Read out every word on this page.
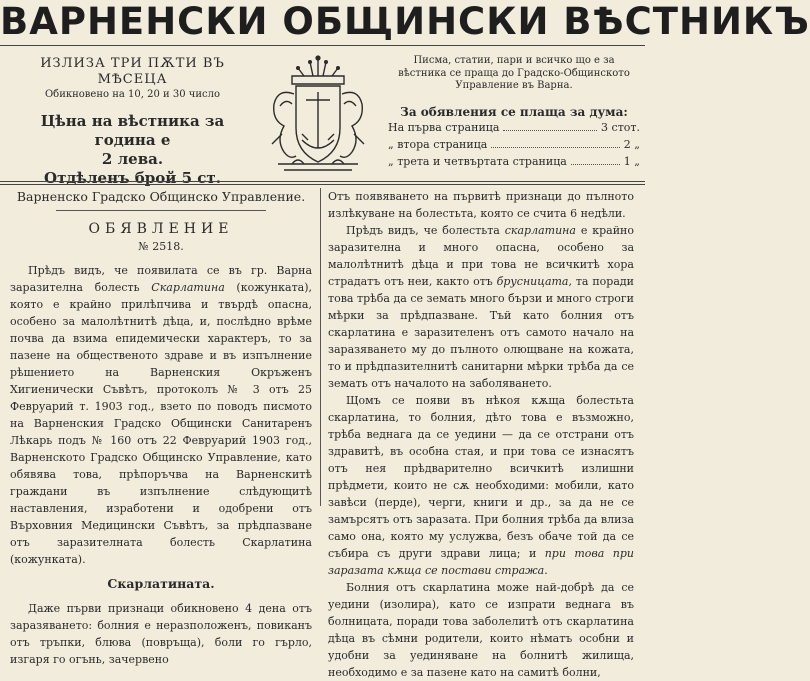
ВАРНЕНСКИ ОБЩИНСКИ ВѢСТНИКЪ
ИЗЛИЗА ТРИ ПѪТИ ВЪ МѢСЕЦА
Обикновено на 10, 20 и 30 число
Цѣна на вѣстника за година е
2 лева.
Отдѣленъ брой 5 ст.
Писма, статии, пари и всичко що е за вѣстника се праща до Градско-Общинското Управление въ Варна.
За обявления се плаща за дума:
На първа страница	3 стот.
„ втора страница	2 „
„ трета и четвъртата страница	1 „
Варненско Градско Общинско Управление.
ОБЯВЛЕНИЕ
№ 2518.

Прѣдъ видъ, че появилата се въ гр. Варна заразителна болесть Скарлатина (кожунката), която е крайно прилѣпчива и твърдѣ опасна, особено за малолѣтнитѣ дѣца, и, послѣдно врѣме почва да взима епидемически характеръ, то за пазене на общественото здраве и въ изпълнение рѣшението на Варненския Окръженъ Хигиенически Съвѣтъ, протоколъ № 3 отъ 25 Февруарий т. 1903 год., взето по поводъ писмото на Варненския Градско Общински Санитаренъ Лѣкарь подъ № 160 отъ 22 Февруарий 1903 год., Варненското Градско Общинско Управление, като обявява това, прѣпоръчва на Варненскитѣ граждани въ изпълнение слѣдующитѣ наставления, изработени и одобрени отъ Върховния Медицински Съвѣтъ, за прѣдпазване отъ заразителната болесть Скарлатина (кожунката).

Скарлатината.

Даже първи признаци обикновено 4 дена отъ заразяването: болния е неразположенъ, повиканъ отъ тръпки, блюва (повръща), боли го гърло, изгаря го огънь, зачервено

Отъ появяването на първитѣ признаци до пълното излѣкуване на болестьта, която се счита 6 недѣли.

Прѣдъ видъ, че болестьта скарлатина е крайно заразителна и много опасна, особено за малолѣтнитѣ дѣца и при това не всичкитѣ хора страдатъ отъ неи, както отъ брусницата, та поради това трѣба да се земать много бързи и много строги мѣрки за прѣдпазване. Тъй като болния отъ скарлатина е заразителенъ отъ самото начало на заразяването му до пълното олющване на кожата, то и прѣдпазителнитѣ санитарни мѣрки трѣба да се земать отъ началото на заболяването.

Щомъ се появи въ нѣкоя кѫща болестьта скарлатина, то болния, дѣто това е възможно, трѣба веднага да се уедини — да се отстрани отъ здравитѣ, въ особна стая, и при това се изнасятъ отъ нея прѣдварително всичкитѣ излишни прѣдмети, които не сѫ необходими: мобили, като завѣси (перде), черги, книги и др., за да не се замърсятъ отъ заразата. При болния трѣба да влиза само она, която му услужва, безъ обаче той да се събира съ други здрави лица; и при това при заразата кѫща се постави стража.

Болния отъ скарлатина може най-добрѣ да се уедини (изолира), като се изпрати веднага въ болницата, поради това заболелитѣ отъ скарлатина дѣца въ сѣмни родители, които нѣматъ особни и удобни за уединяване на болнитѣ жилища, необходимо е за пазене като на самитѣ болни,
